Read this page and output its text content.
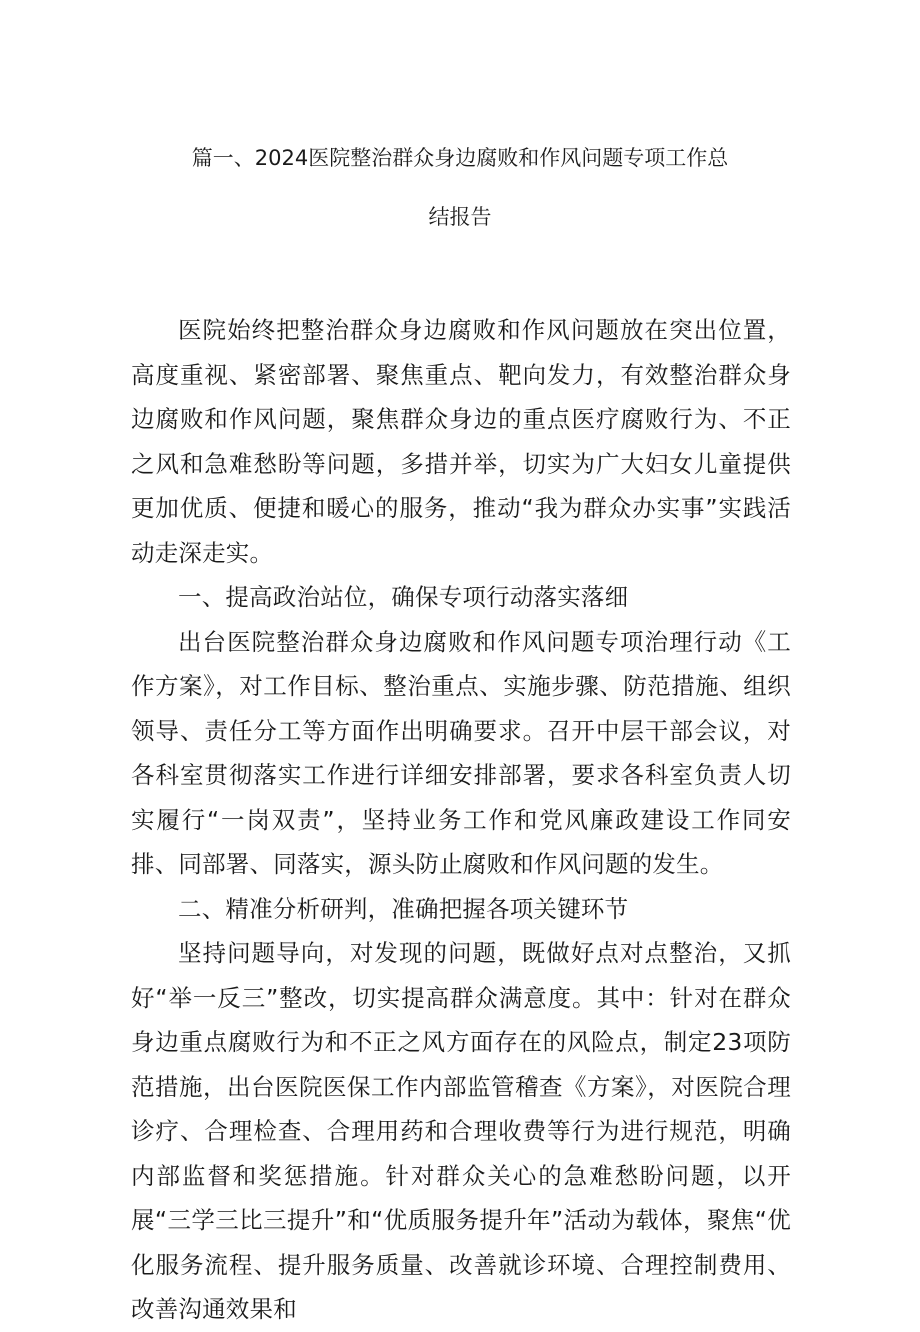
篇一、2024医院整治群众身边腐败和作风问题专项工作总
结报告

医院始终把整治群众身边腐败和作风问题放在突出位置，高度重视、紧密部署、聚焦重点、靶向发力，有效整治群众身边腐败和作风问题，聚焦群众身边的重点医疗腐败行为、不正之风和急难愁盼等问题，多措并举，切实为广大妇女儿童提供更加优质、便捷和暖心的服务，推动“我为群众办实事”实践活动走深走实。

一、提高政治站位，确保专项行动落实落细

出台医院整治群众身边腐败和作风问题专项治理行动《工作方案》，对工作目标、整治重点、实施步骤、防范措施、组织领导、责任分工等方面作出明确要求。召开中层干部会议，对各科室贯彻落实工作进行详细安排部署，要求各科室负责人切实履行“一岗双责”，坚持业务工作和党风廉政建设工作同安排、同部署、同落实，源头防止腐败和作风问题的发生。

二、精准分析研判，准确把握各项关键环节

坚持问题导向，对发现的问题，既做好点对点整治，又抓好“举一反三”整改，切实提高群众满意度。其中：针对在群众身边重点腐败行为和不正之风方面存在的风险点，制定23项防范措施，出台医院医保工作内部监管稽查《方案》，对医院合理诊疗、合理检查、合理用药和合理收费等行为进行规范，明确内部监督和奖惩措施。针对群众关心的急难愁盼问题，以开展“三学三比三提升”和“优质服务提升年”活动为载体，聚焦“优化服务流程、提升服务质量、改善就诊环境、合理控制费用、改善沟通效果和
